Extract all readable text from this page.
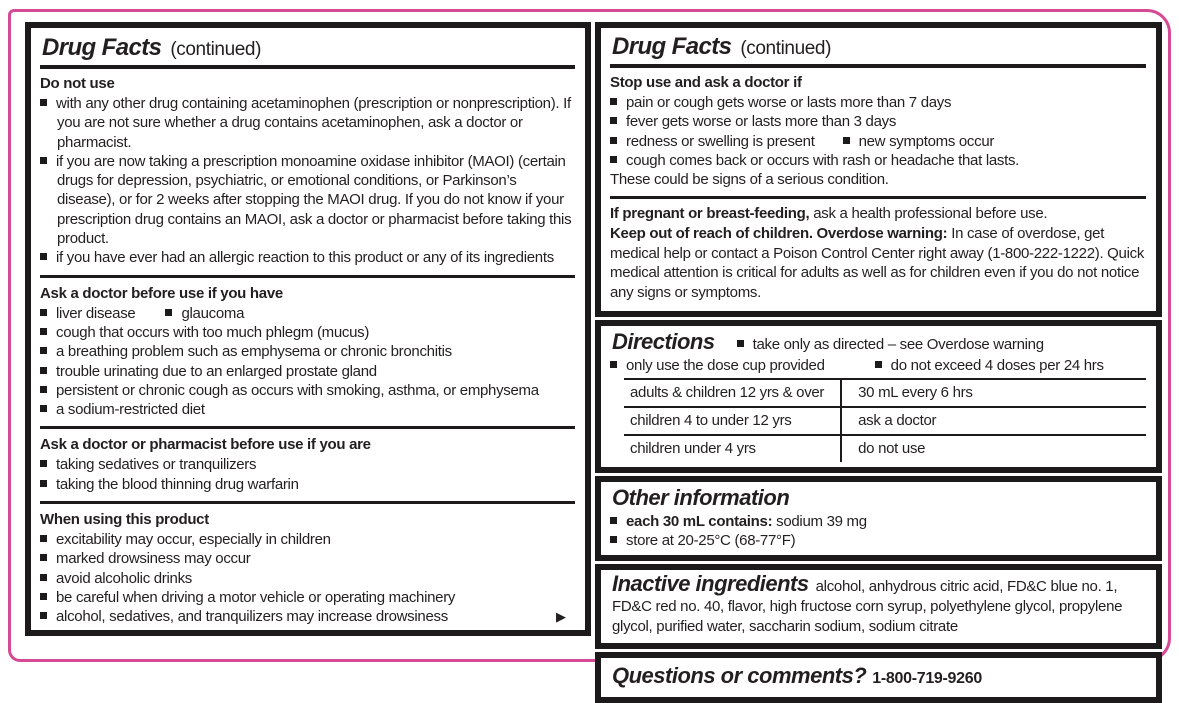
Drug Facts (continued)
Do not use
with any other drug containing acetaminophen (prescription or nonprescription). If you are not sure whether a drug contains acetaminophen, ask a doctor or pharmacist.
if you are now taking a prescription monoamine oxidase inhibitor (MAOI) (certain drugs for depression, psychiatric, or emotional conditions, or Parkinson’s disease), or for 2 weeks after stopping the MAOI drug. If you do not know if your prescription drug contains an MAOI, ask a doctor or pharmacist before taking this product.
if you have ever had an allergic reaction to this product or any of its ingredients
Ask a doctor before use if you have
liver disease	glaucoma
cough that occurs with too much phlegm (mucus)
a breathing problem such as emphysema or chronic bronchitis
trouble urinating due to an enlarged prostate gland
persistent or chronic cough as occurs with smoking, asthma, or emphysema
a sodium-restricted diet
Ask a doctor or pharmacist before use if you are
taking sedatives or tranquilizers
taking the blood thinning drug warfarin
When using this product
excitability may occur, especially in children
marked drowsiness may occur
avoid alcoholic drinks
be careful when driving a motor vehicle or operating machinery
▶
alcohol, sedatives, and tranquilizers may increase drowsiness
Drug Facts (continued)
Stop use and ask a doctor if
pain or cough gets worse or lasts more than 7 days
fever gets worse or lasts more than 3 days
redness or swelling is present	new symptoms occur
cough comes back or occurs with rash or headache that lasts.
These could be signs of a serious condition.
If pregnant or breast-feeding, ask a health professional before use.
Keep out of reach of children. Overdose warning: In case of overdose, get medical help or contact a Poison Control Center right away (1-800-222-1222). Quick medical attention is critical for adults as well as for children even if you do not notice any signs or symptoms.
Directions	take only as directed – see Overdose warning
only use the dose cup provided	do not exceed 4 doses per 24 hrs
adults & children 12 yrs & over	30 mL every 6 hrs
children 4 to under 12 yrs	ask a doctor
children under 4 yrs	do not use
Other information
each 30 mL contains: sodium 39 mg
store at 20-25°C (68-77°F)
Inactive ingredients alcohol, anhydrous citric acid, FD&C blue no. 1, FD&C red no. 40, flavor, high fructose corn syrup, polyethylene glycol, propylene glycol, purified water, saccharin sodium, sodium citrate
Questions or comments? 1-800-719-9260
